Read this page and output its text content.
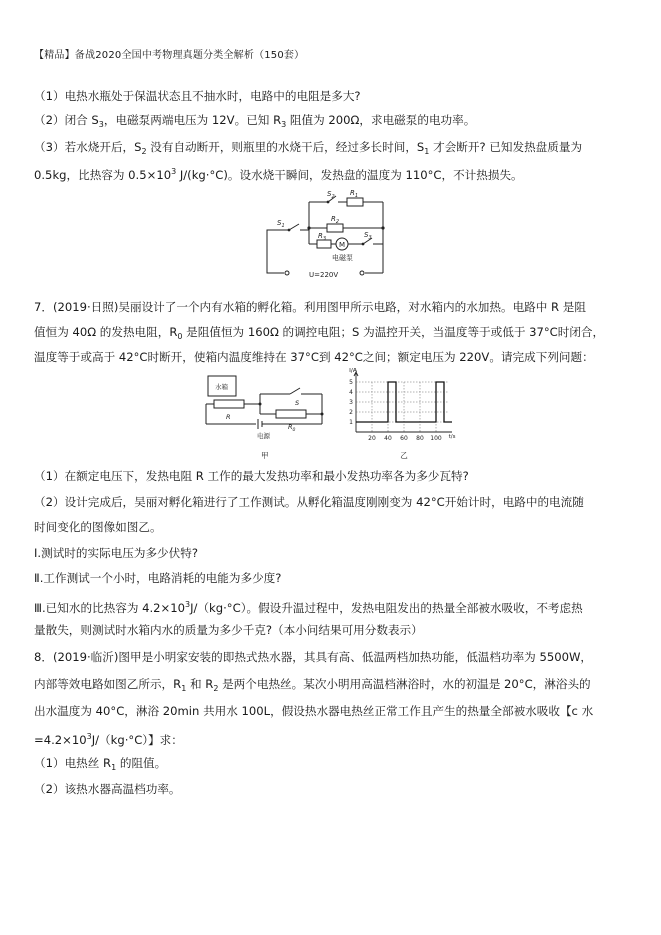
【精品】备战2020全国中考物理真题分类全解析（150套）
（1）电热水瓶处于保温状态且不抽水时，电路中的电阻是多大?
（2）闭合 $S_3$，电磁泵两端电压为 12V。已知 $R_3$ 阻值为 200Ω，求电磁泵的电功率。
（3）若水烧开后，$S_2$ 没有自动断开，则瓶里的水烧干后，经过多长时间，$S_1$ 才会断开? 已知发热盘质量为
0.5kg，比热容为 $0.5\times 10^3$ J/(kg·°C)。设水烧干瞬间，发热盘的温度为 110°C，不计热损失。
$S_1$
$S_2$ $R_1$
$R_2$
$R_3$	$S_3$
M
电磁泵
U=220V
7．(2019·日照)吴丽设计了一个内有水箱的孵化箱。利用图甲所示电路，对水箱内的水加热。电路中 R 是阻
值恒为 40Ω 的发热电阻，$R_0$ 是阻值恒为 160Ω 的调控电阻；S 为温控开关，当温度等于或低于 37°C时闭合，
温度等于或高于 42°C时断开，使箱内温度维持在 37°C到 42°C之间；额定电压为 220V。请完成下列问题：
水箱
R
S
$R_0$
电源
甲
I/A
5
4
3
2
1
20 40 60 80 100 t/s
乙
（1）在额定电压下，发热电阻 R 工作的最大发热功率和最小发热功率各为多少瓦特?
（2）设计完成后，吴丽对孵化箱进行了工作测试。从孵化箱温度刚刚变为 42°C开始计时，电路中的电流随
时间变化的图像如图乙。
Ⅰ.测试时的实际电压为多少伏特?
Ⅱ.工作测试一个小时，电路消耗的电能为多少度?
Ⅲ.已知水的比热容为 $4.2\times 10^3J/(kg\cdot^\circ C)$。假设升温过程中，发热电阻发出的热量全部被水吸收，不考虑热
量散失，则测试时水箱内水的质量为多少千克?（本小问结果可用分数表示）
8．(2019·临沂)图甲是小明家安装的即热式热水器，其具有高、低温两档加热功能，低温档功率为 5500W，
内部等效电路如图乙所示，$R_1$ 和 $R_2$ 是两个电热丝。某次小明用高温档淋浴时，水的初温是 20°C，淋浴头的
出水温度为 40°C，淋浴 20min 共用水 100L，假设热水器电热丝正常工作且产生的热量全部被水吸收【c 水
$=4.2\times 10^3J/(kg\cdot^\circ C)$】求：
（1）电热丝 $R_1$ 的阻值。
（2）该热水器高温档功率。
